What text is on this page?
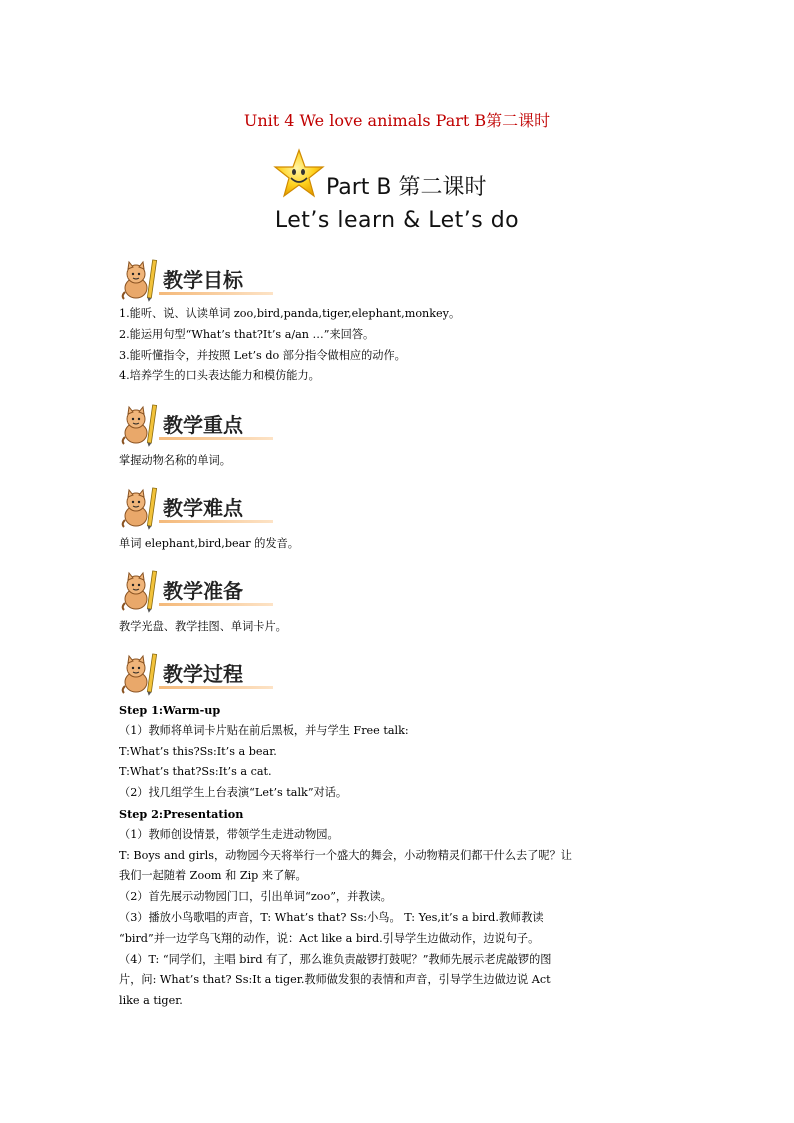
Unit 4 We love animals Part B第二课时
Part B 第二课时
Let’s learn & Let’s do
教学目标
1.能听、说、认读单词 zoo,bird,panda,tiger,elephant,monkey。
2.能运用句型“What’s that?It’s a/an …”来回答。
3.能听懂指令，并按照 Let’s do 部分指令做相应的动作。
4.培养学生的口头表达能力和模仿能力。
教学重点
掌握动物名称的单词。
教学难点
单词 elephant,bird,bear 的发音。
教学准备
教学光盘、教学挂图、单词卡片。
教学过程
Step 1:Warm-up
（1）教师将单词卡片贴在前后黑板，并与学生 Free talk:
T:What’s this?Ss:It’s a bear.
T:What’s that?Ss:It’s a cat.
（2）找几组学生上台表演“Let’s talk”对话。
Step 2:Presentation
（1）教师创设情景，带领学生走进动物园。
T: Boys and girls，动物园今天将举行一个盛大的舞会，小动物精灵们都干什么去了呢？让
我们一起随着 Zoom 和 Zip 来了解。
（2）首先展示动物园门口，引出单词“zoo”，并教读。
（3）播放小鸟歌唱的声音，T: What’s that? Ss:小鸟。 T: Yes,it’s a bird.教师教读
“bird”并一边学鸟飞翔的动作，说：Act like a bird.引导学生边做动作，边说句子。
（4）T: “同学们，主唱 bird 有了，那么谁负责敲锣打鼓呢？”教师先展示老虎敲锣的图
片，问: What’s that? Ss:It a tiger.教师做发狠的表情和声音，引导学生边做边说 Act
like a tiger.
